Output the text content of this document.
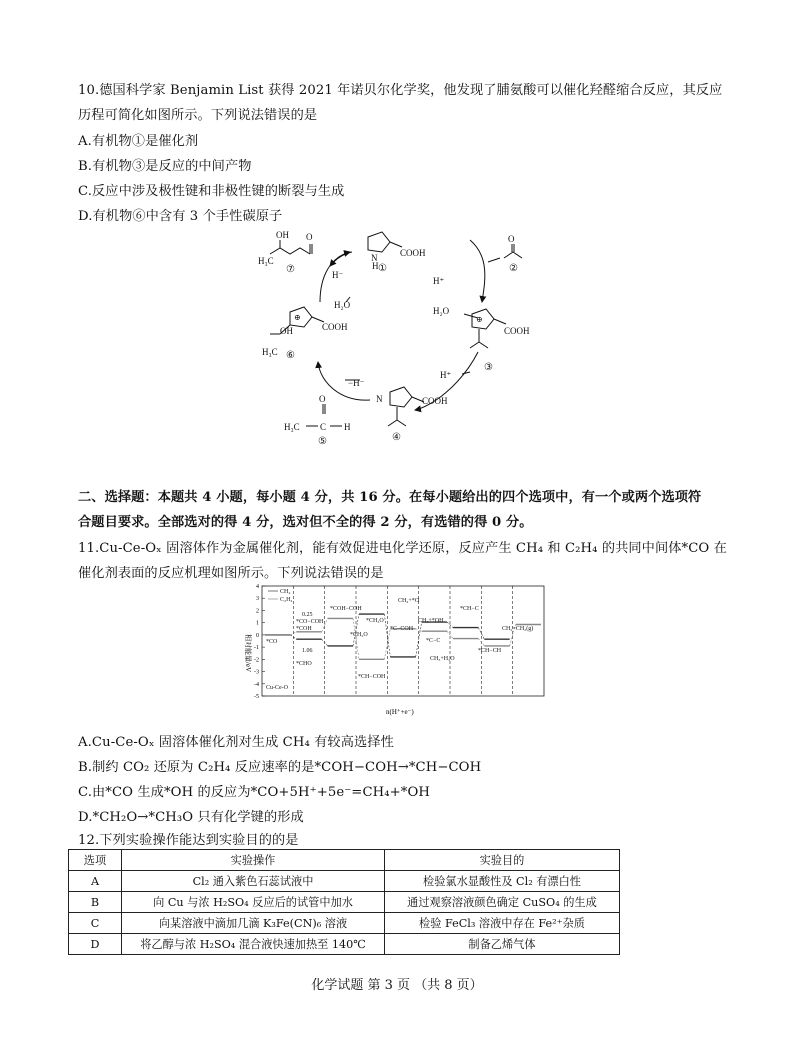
10.德国科学家 Benjamin List 获得 2021 年诺贝尔化学奖，他发现了脯氨酸可以催化羟醛缩合反应，其反应
历程可简化如图所示。下列说法错误的是
A.有机物①是催化剂
B.有机物③是反应的中间产物
C.反应中涉及极性键和非极性键的断裂与生成
D.有机物⑥中含有 3 个手性碳原子
N
H
COOH
①
O
②
H⁺
H₂O
⊕
COOH
③
H⁺
COOH
N
④
−H⁻
O
H₃C C H
⑤
OH
⊕
COOH
H₃C ⑥
H₂O
H⁻
OH
H₃C
O
⑦
二、选择题：本题共 4 小题，每小题 4 分，共 16 分。在每小题给出的四个选项中，有一个或两个选项符
合题目要求。全部选对的得 4 分，选对但不全的得 2 分，有选错的得 0 分。
11.Cu-Ce-Oₓ 固溶体作为金属催化剂，能有效促进电化学还原，反应产生 CH₄ 和 C₂H₄ 的共同中间体*CO 在
催化剂表面的反应机理如图所示。下列说法错误的是
4
3
2
1
0
-1
-2
-3
-4
-5
相对能量/eV
n(H⁺+e⁻)
CH₄
C₂H₄
Cu-Ce-O
0.25
1.06
*CO−COH
*COH−COH
*CH₂O
*CH₃O
CH₄+*O
*CH−COH
*C−COH
CH₄+*OH
*CH−C
*C−C
CH₃+H₂O
*CH−CH
CH₂=CH₂(g)
*CO
*CHO
*COH
A.Cu-Ce-Oₓ 固溶体催化剂对生成 CH₄ 有较高选择性
B.制约 CO₂ 还原为 C₂H₄ 反应速率的是*COH−COH→*CH−COH
C.由*CO 生成*OH 的反应为*CO+5H⁺+5e⁻=CH₄+*OH
D.*CH₂O→*CH₃O 只有化学键的形成
12.下列实验操作能达到实验目的的是
选项	实验操作	实验目的
A	Cl₂ 通入紫色石蕊试液中	检验氯水显酸性及 Cl₂ 有漂白性
B	向 Cu 与浓 H₂SO₄ 反应后的试管中加水	通过观察溶液颜色确定 CuSO₄ 的生成
C	向某溶液中滴加几滴 K₃Fe(CN)₆ 溶液	检验 FeCl₃ 溶液中存在 Fe²⁺杂质
D	将乙醇与浓 H₂SO₄ 混合液快速加热至 140℃	制备乙烯气体
化学试题 第 3 页 （共 8 页）
